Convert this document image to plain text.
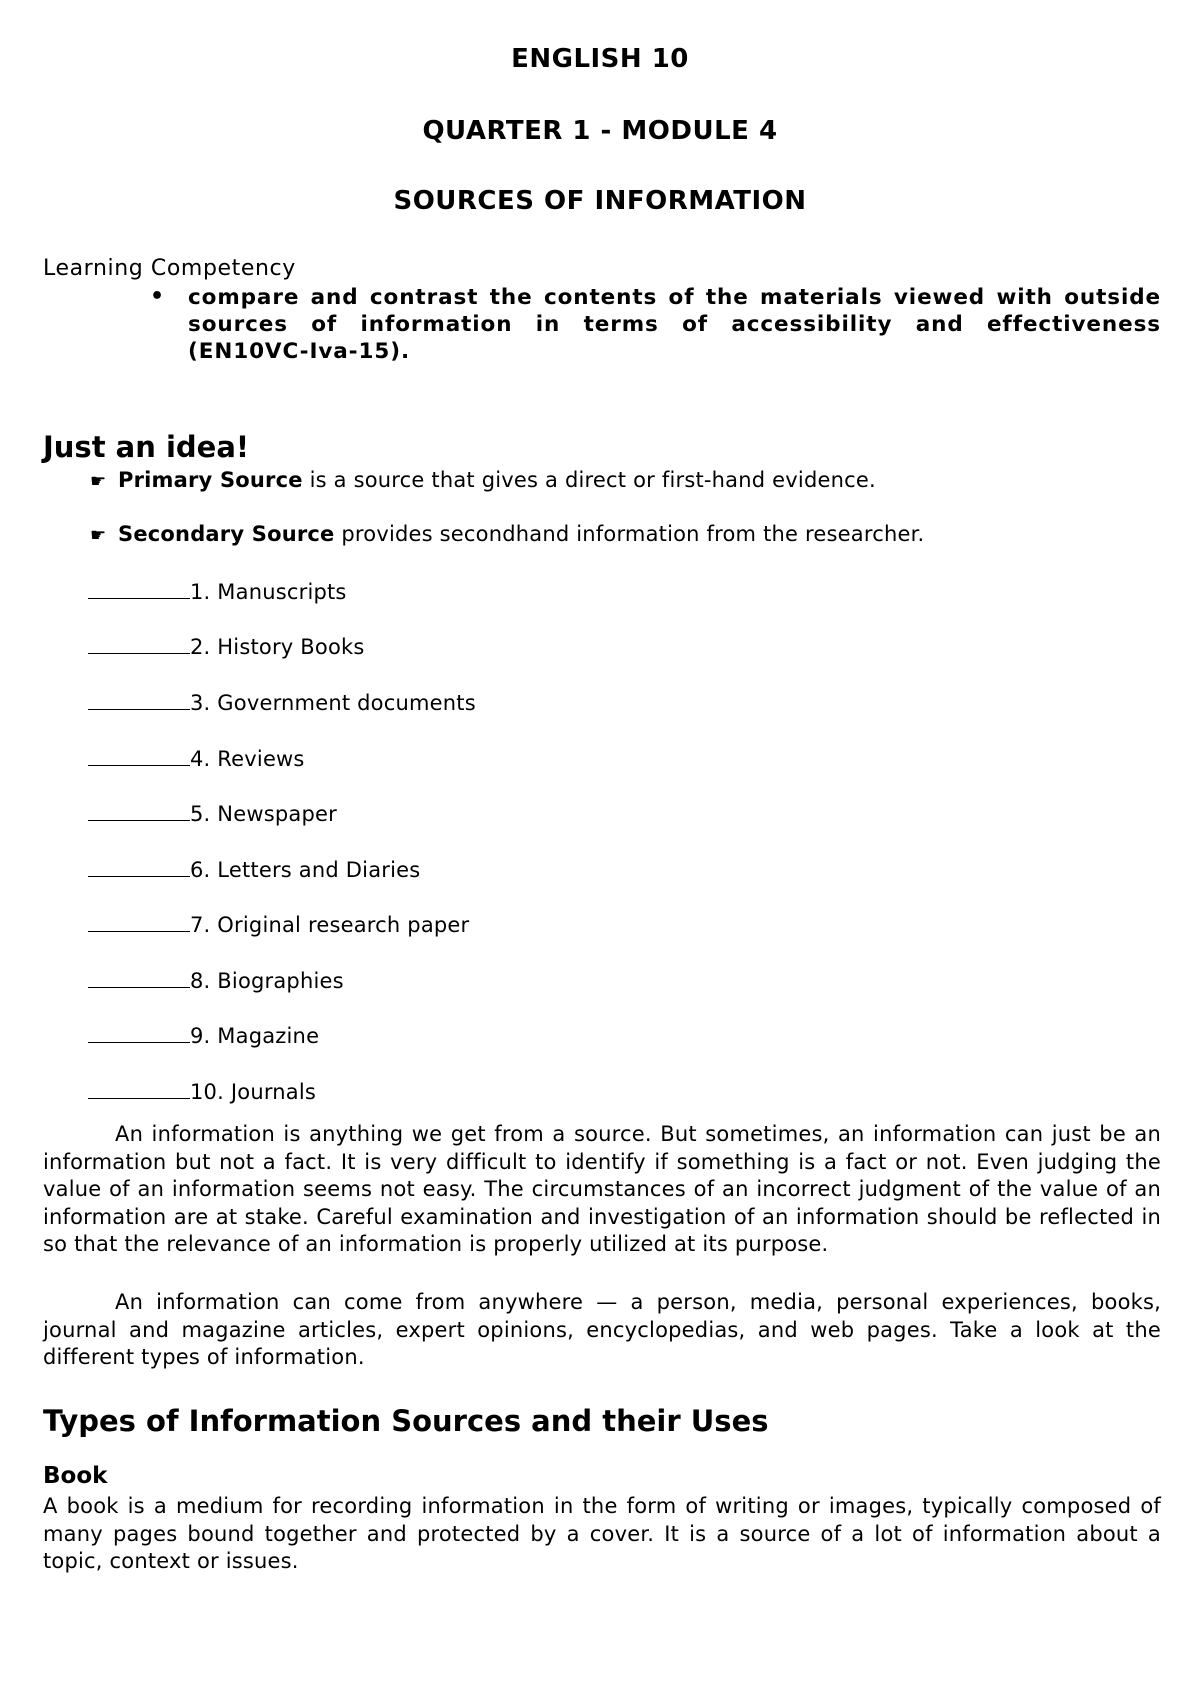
ENGLISH 10
QUARTER 1 - MODULE 4
SOURCES OF INFORMATION
Learning Competency
• compare and contrast the contents of the materials viewed with outside sources of information in terms of accessibility and effectiveness (EN10VC-Iva-15).
Just an idea!
☛ Primary Source is a source that gives a direct or first-hand evidence.
☛ Secondary Source provides secondhand information from the researcher.
1. Manuscripts
2. History Books
3. Government documents
4. Reviews
5. Newspaper
6. Letters and Diaries
7. Original research paper
8. Biographies
9. Magazine
10. Journals
An information is anything we get from a source. But sometimes, an information can just be an information but not a fact. It is very difficult to identify if something is a fact or not. Even judging the value of an information seems not easy. The circumstances of an incorrect judgment of the value of an information are at stake. Careful examination and investigation of an information should be reflected in so that the relevance of an information is properly utilized at its purpose.
An information can come from anywhere — a person, media, personal experiences, books, journal and magazine articles, expert opinions, encyclopedias, and web pages. Take a look at the different types of information.
Types of Information Sources and their Uses
Book
A book is a medium for recording information in the form of writing or images, typically composed of many pages bound together and protected by a cover. It is a source of a lot of information about a topic, context or issues.
